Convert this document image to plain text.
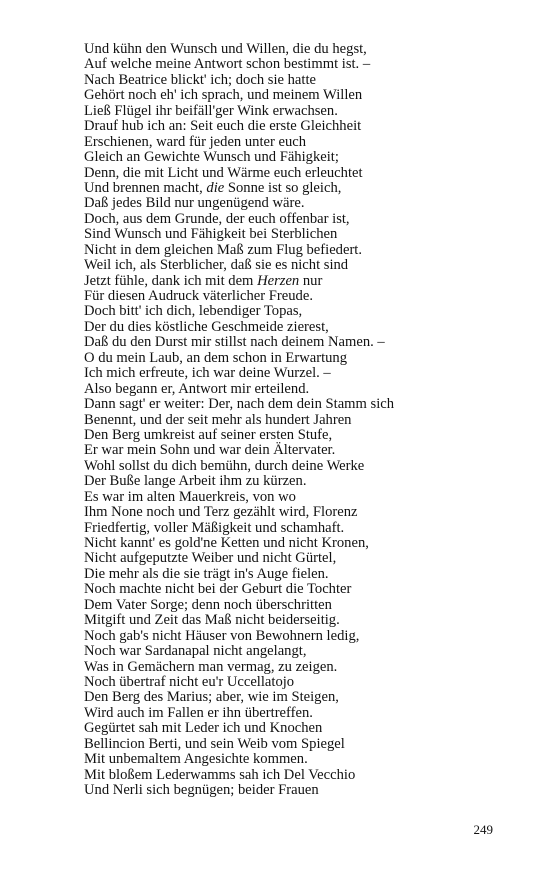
Und kühn den Wunsch und Willen, die du hegst,
Auf welche meine Antwort schon bestimmt ist. –
Nach Beatrice blickt' ich; doch sie hatte
Gehört noch eh' ich sprach, und meinem Willen
Ließ Flügel ihr beifäll'ger Wink erwachsen.
Drauf hub ich an: Seit euch die erste Gleichheit
Erschienen, ward für jeden unter euch
Gleich an Gewichte Wunsch und Fähigkeit;
Denn, die mit Licht und Wärme euch erleuchtet
Und brennen macht, die Sonne ist so gleich,
Daß jedes Bild nur ungenügend wäre.
Doch, aus dem Grunde, der euch offenbar ist,
Sind Wunsch und Fähigkeit bei Sterblichen
Nicht in dem gleichen Maß zum Flug befiedert.
Weil ich, als Sterblicher, daß sie es nicht sind
Jetzt fühle, dank ich mit dem Herzen nur
Für diesen Audruck väterlicher Freude.
Doch bitt' ich dich, lebendiger Topas,
Der du dies köstliche Geschmeide zierest,
Daß du den Durst mir stillst nach deinem Namen. –
O du mein Laub, an dem schon in Erwartung
Ich mich erfreute, ich war deine Wurzel. –
Also begann er, Antwort mir erteilend.
Dann sagt' er weiter: Der, nach dem dein Stamm sich
Benennt, und der seit mehr als hundert Jahren
Den Berg umkreist auf seiner ersten Stufe,
Er war mein Sohn und war dein Ältervater.
Wohl sollst du dich bemühn, durch deine Werke
Der Buße lange Arbeit ihm zu kürzen.
Es war im alten Mauerkreis, von wo
Ihm None noch und Terz gezählt wird, Florenz
Friedfertig, voller Mäßigkeit und schamhaft.
Nicht kannt' es gold'ne Ketten und nicht Kronen,
Nicht aufgeputzte Weiber und nicht Gürtel,
Die mehr als die sie trägt in's Auge fielen.
Noch machte nicht bei der Geburt die Tochter
Dem Vater Sorge; denn noch überschritten
Mitgift und Zeit das Maß nicht beiderseitig.
Noch gab's nicht Häuser von Bewohnern ledig,
Noch war Sardanapal nicht angelangt,
Was in Gemächern man vermag, zu zeigen.
Noch übertraf nicht eu'r Uccellatojo
Den Berg des Marius; aber, wie im Steigen,
Wird auch im Fallen er ihn übertreffen.
Gegürtet sah mit Leder ich und Knochen
Bellincion Berti, und sein Weib vom Spiegel
Mit unbemaltem Angesichte kommen.
Mit bloßem Lederwamms sah ich Del Vecchio
Und Nerli sich begnügen; beider Frauen
249
